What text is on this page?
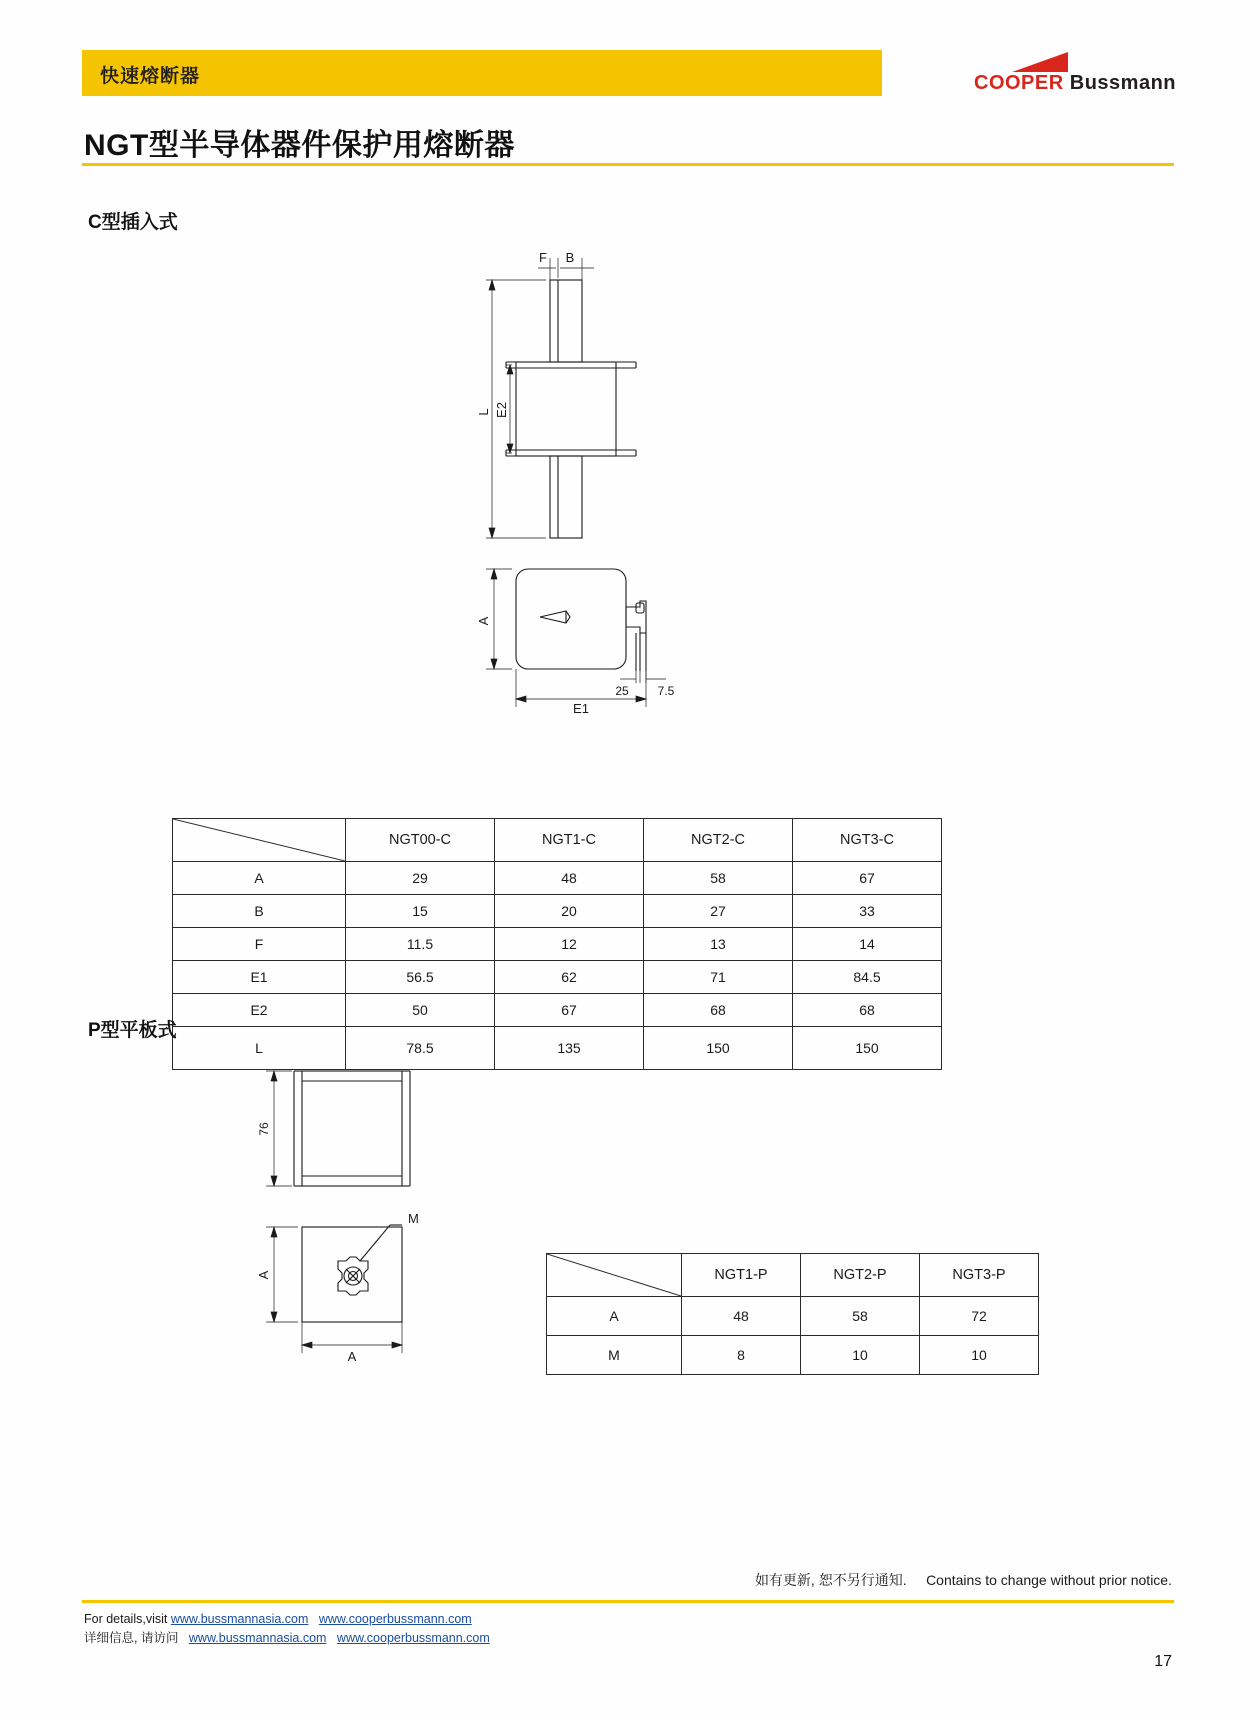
快速熔断器	COOPER Bussmann
NGT型半导体器件保护用熔断器
C型插入式
F B
L E2
A
E1
25 7.5
	NGT00-C	NGT1-C	NGT2-C	NGT3-C
A	29	48	58	67
B	15	20	27	33
F	11.5	12	13	14
E1	56.5	62	71	84.5
E2	50	67	68	68
L	78.5	135	150	150
P型平板式
76
A
A
M
	NGT1-P	NGT2-P	NGT3-P
A	48	58	72
M	8	10	10
如有更新, 恕不另行通知. Contains to change without prior notice.
For details,visit www.bussmannasia.com www.cooperbussmann.com
详细信息, 请访问 www.bussmannasia.com www.cooperbussmann.com
17
